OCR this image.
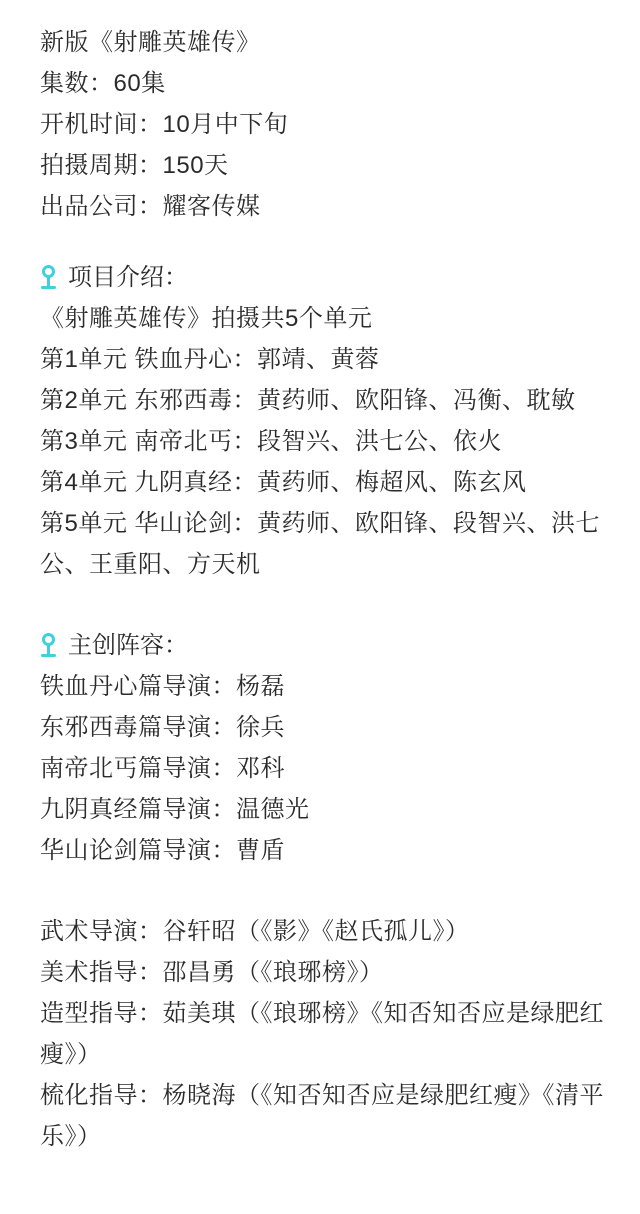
新版《射雕英雄传》
集数：60集
开机时间：10月中下旬
拍摄周期：150天
出品公司：耀客传媒
项目介绍：
《射雕英雄传》拍摄共5个单元
第1单元 铁血丹心：郭靖、黄蓉
第2单元 东邪西毒：黄药师、欧阳锋、冯衡、耽敏
第3单元 南帝北丐：段智兴、洪七公、依火
第4单元 九阴真经：黄药师、梅超风、陈玄风
第5单元 华山论剑：黄药师、欧阳锋、段智兴、洪七公、王重阳、方天机
主创阵容：
铁血丹心篇导演：杨磊
东邪西毒篇导演：徐兵
南帝北丐篇导演：邓科
九阴真经篇导演：温德光
华山论剑篇导演：曹盾
武术导演：谷轩昭（《影》《赵氏孤儿》）
美术指导：邵昌勇（《琅琊榜》）
造型指导：茹美琪（《琅琊榜》《知否知否应是绿肥红瘦》）
梳化指导：杨晓海（《知否知否应是绿肥红瘦》《清平乐》）
